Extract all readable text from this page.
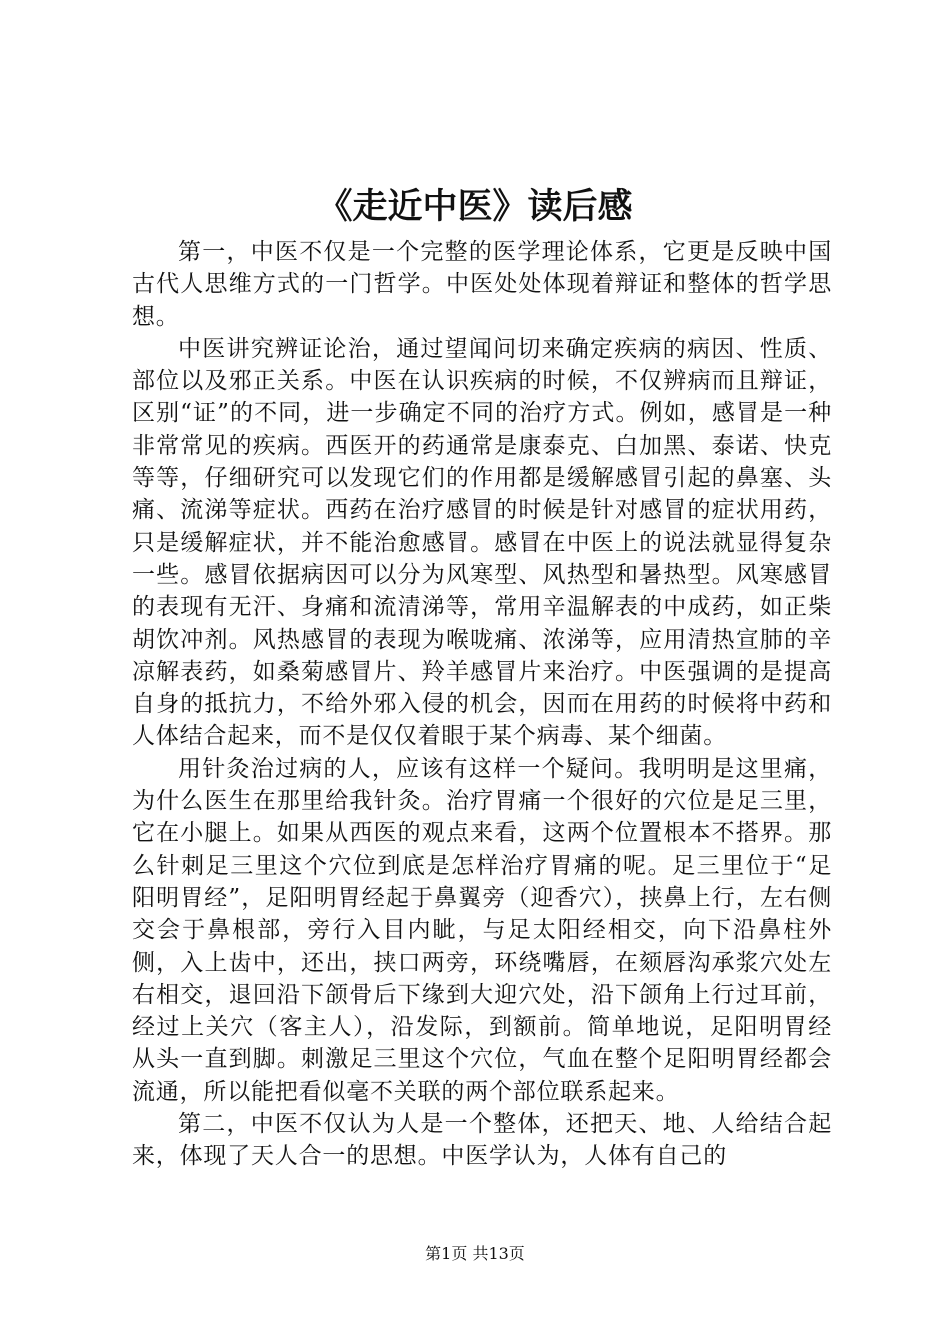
《走近中医》读后感

第一，中医不仅是一个完整的医学理论体系，它更是反映中国古代人思维方式的一门哲学。中医处处体现着辩证和整体的哲学思想。

中医讲究辨证论治，通过望闻问切来确定疾病的病因、性质、部位以及邪正关系。中医在认识疾病的时候，不仅辨病而且辩证，区别“证”的不同，进一步确定不同的治疗方式。例如，感冒是一种非常常见的疾病。西医开的药通常是康泰克、白加黑、泰诺、快克等等，仔细研究可以发现它们的作用都是缓解感冒引起的鼻塞、头痛、流涕等症状。西药在治疗感冒的时候是针对感冒的症状用药，只是缓解症状，并不能治愈感冒。感冒在中医上的说法就显得复杂一些。感冒依据病因可以分为风寒型、风热型和暑热型。风寒感冒的表现有无汗、身痛和流清涕等，常用辛温解表的中成药，如正柴胡饮冲剂。风热感冒的表现为喉咙痛、浓涕等，应用清热宣肺的辛凉解表药，如桑菊感冒片、羚羊感冒片来治疗。中医强调的是提高自身的抵抗力，不给外邪入侵的机会，因而在用药的时候将中药和人体结合起来，而不是仅仅着眼于某个病毒、某个细菌。

用针灸治过病的人，应该有这样一个疑问。我明明是这里痛，为什么医生在那里给我针灸。治疗胃痛一个很好的穴位是足三里，它在小腿上。如果从西医的观点来看，这两个位置根本不搭界。那么针刺足三里这个穴位到底是怎样治疗胃痛的呢。足三里位于“足阳明胃经”，足阳明胃经起于鼻翼旁（迎香穴），挟鼻上行，左右侧交会于鼻根部，旁行入目内眦，与足太阳经相交，向下沿鼻柱外侧，入上齿中，还出，挟口两旁，环绕嘴唇，在颏唇沟承浆穴处左右相交，退回沿下颌骨后下缘到大迎穴处，沿下颌角上行过耳前，经过上关穴（客主人），沿发际，到额前。简单地说，足阳明胃经从头一直到脚。刺激足三里这个穴位，气血在整个足阳明胃经都会流通，所以能把看似毫不关联的两个部位联系起来。

第二，中医不仅认为人是一个整体，还把天、地、人给结合起来，体现了天人合一的思想。中医学认为，人体有自己的

第1页 共13页
